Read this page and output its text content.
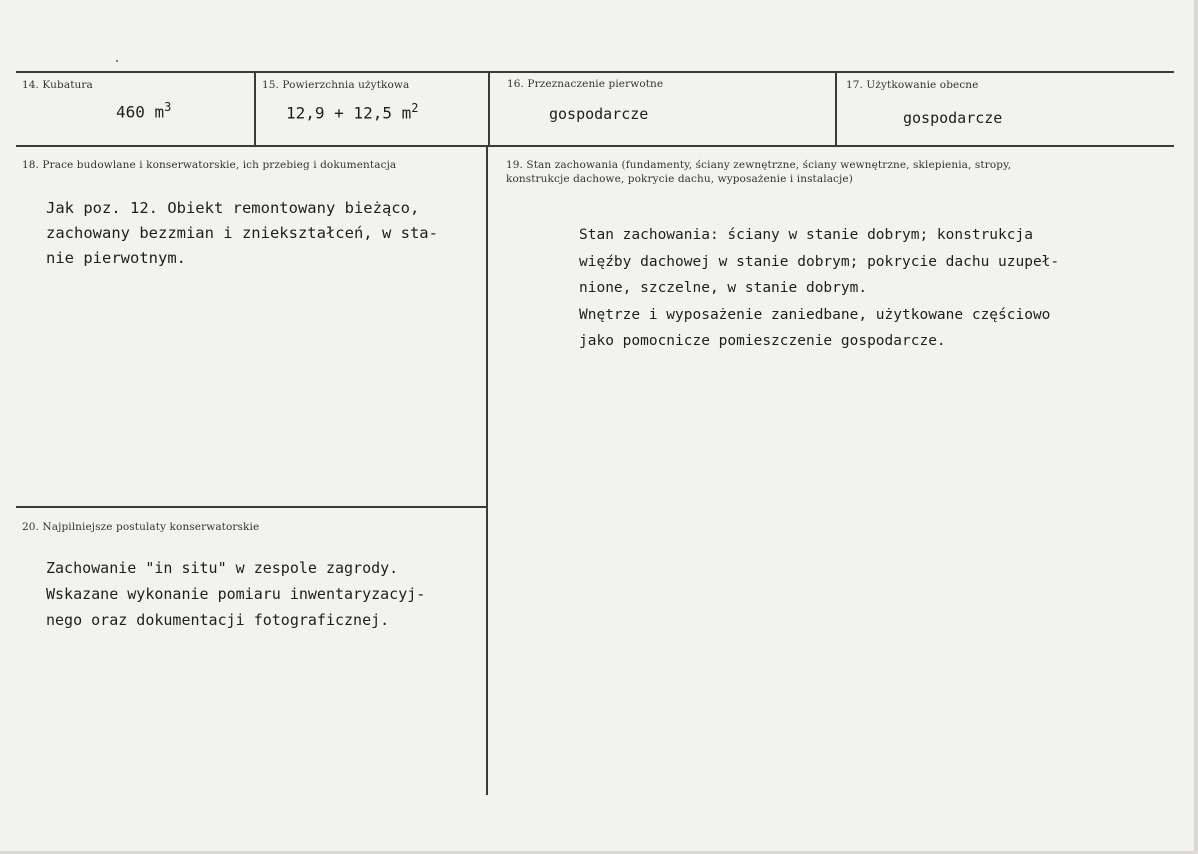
14. Kubatura
460 $m^3$
15. Powierzchnia użytkowa
12,9 + 12,5 $m^2$
16. Przeznaczenie pierwotne
gospodarcze
17. Użytkowanie obecne
gospodarcze
18. Prace budowlane i konserwatorskie, ich przebieg i dokumentacja
Jak poz. 12. Obiekt remontowany bieżąco,
zachowany bezzmian i zniekształceń, w sta-
nie pierwotnym.
19. Stan zachowania (fundamenty, ściany zewnętrzne, ściany wewnętrzne, sklepienia, stropy,
konstrukcje dachowe, pokrycie dachu, wyposażenie i instalacje)
Stan zachowania: ściany w stanie dobrym; konstrukcja
więźby dachowej w stanie dobrym; pokrycie dachu uzupeł-
nione, szczelne, w stanie dobrym.
Wnętrze i wyposażenie zaniedbane, użytkowane częściowo
jako pomocnicze pomieszczenie gospodarcze.
20. Najpilniejsze postulaty konserwatorskie
Zachowanie "in situ" w zespole zagrody.
Wskazane wykonanie pomiaru inwentaryzacyj-
nego oraz dokumentacji fotograficznej.
